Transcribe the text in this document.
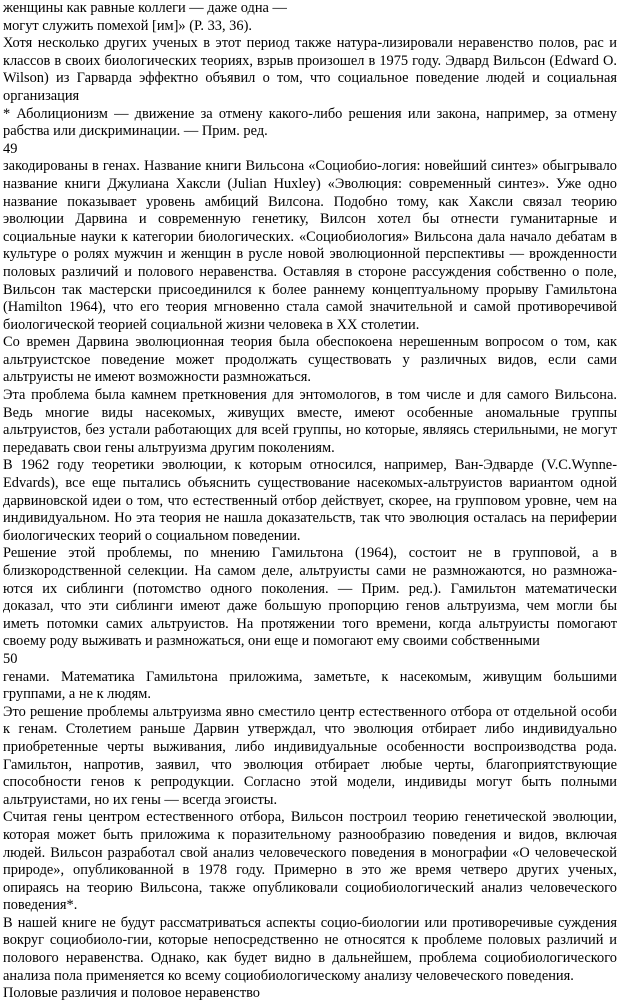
женщины как равные коллеги — даже одна —
могут служить помехой [им]» (P. 33, 36).
Хотя несколько других ученых в этот период также натура-лизировали неравенство полов, рас и
классов в своих биологических теориях, взрыв произошел в 1975 году. Эдвард Вильсон (Edward O.
Wilson) из Гарварда эффектно объявил о том, что социальное поведение людей и социальная
организация
* Аболиционизм — движение за отмену какого-либо решения или закона, например, за отмену
рабства или дискриминации. — Прим. ред.
49
закодированы в генах. Название книги Вильсона «Социобио-логия: новейший синтез» обыгрывало
название книги Джулиана Хаксли (Julian Huxley) «Эволюция: современный синтез». Уже одно
название показывает уровень амбиций Вилсона. Подобно тому, как Хаксли связал теорию
эволюции Дарвина и современную генетику, Вилсон хотел бы отнести гуманитарные и
социальные науки к категории биологических. «Социобиология» Вильсона дала начало дебатам в
культуре о ролях мужчин и женщин в русле новой эволюционной перспективы — врожденности
половых различий и полового неравенства. Оставляя в стороне рассуждения собственно о поле,
Вильсон так мастерски присоединился к более раннему концептуальному прорыву Гамильтона
(Hamilton 1964), что его теория мгновенно стала самой значительной и самой противоречивой
биологической теорией социальной жизни человека в XX столетии.
Со времен Дарвина эволюционная теория была обеспокоена нерешенным вопросом о том, как
альтруистское поведение может продолжать существовать у различных видов, если сами
альтруисты не имеют возможности размножаться.
Эта проблема была камнем преткновения для энтомологов, в том числе и для самого Вильсона.
Ведь многие виды насекомых, живущих вместе, имеют особенные аномальные группы
альтруистов, без устали работающих для всей группы, но которые, являясь стерильными, не могут
передавать свои гены альтруизма другим поколениям.
В 1962 году теоретики эволюции, к которым относился, например, Ван-Эдварде (V.C.Wynne-
Edvards), все еще пытались объяснить существование насекомых-альтруистов вариантом одной
дарвиновской идеи о том, что естественный отбор действует, скорее, на групповом уровне, чем на
индивидуальном. Но эта теория не нашла доказательств, так что эволюция осталась на периферии
биологических теорий о социальном поведении.
Решение этой проблемы, по мнению Гамильтона (1964), состоит не в групповой, а в
близкородственной селекции. На самом деле, альтруисты сами не размножаются, но размножа-
ются их сиблинги (потомство одного поколения. — Прим. ред.). Гамильтон математически
доказал, что эти сиблинги имеют даже большую пропорцию генов альтруизма, чем могли бы
иметь потомки самих альтруистов. На протяжении того времени, когда альтруисты помогают
своему роду выживать и размножаться, они еще и помогают ему своими собственными
50
генами. Математика Гамильтона приложима, заметьте, к насекомым, живущим большими
группами, а не к людям.
Это решение проблемы альтруизма явно сместило центр естественного отбора от отдельной особи
к генам. Столетием раньше Дарвин утверждал, что эволюция отбирает либо индивидуально
приобретенные черты выживания, либо индивидуальные особенности воспроизводства рода.
Гамильтон, напротив, заявил, что эволюция отбирает любые черты, благоприятствующие
способности генов к репродукции. Согласно этой модели, индивиды могут быть полными
альтруистами, но их гены — всегда эгоисты.
Считая гены центром естественного отбора, Вильсон построил теорию генетической эволюции,
которая может быть приложима к поразительному разнообразию поведения и видов, включая
людей. Вильсон разработал свой анализ человеческого поведения в монографии «О человеческой
природе», опубликованной в 1978 году. Примерно в это же время четверо других ученых,
опираясь на теорию Вильсона, также опубликовали социобиологический анализ человеческого
поведения*.
В нашей книге не будут рассматриваться аспекты социо-биологии или противоречивые суждения
вокруг социобиоло-гии, которые непосредственно не относятся к проблеме половых различий и
полового неравенства. Однако, как будет видно в дальнейшем, проблема социобиологического
анализа пола применяется ко всему социобиологическому анализу человеческого поведения.
Половые различия и половое неравенство
